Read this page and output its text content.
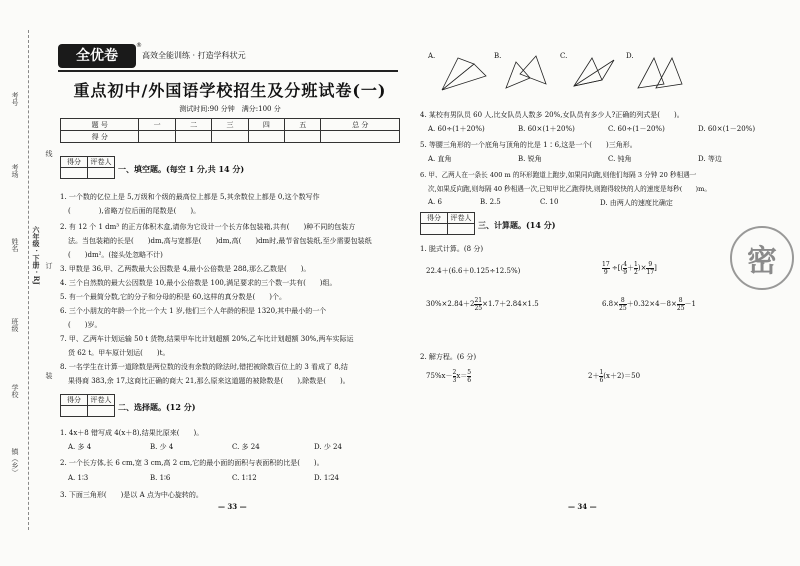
考号
考场
姓名 六年级 · 下册 · RJ
班级
学校
镇（乡）
线
订
装
全优卷
®
高效全能训练 · 打造学科状元
重点初中/外国语学校招生及分班试卷(一)
测试时间:90 分钟　满分:100 分
题 号	一	二	三	四	五	总 分
得 分						
得分	评卷人

一、填空题。(每空 1 分,共 14 分)
1. 一个数的亿位上是 5,万级和个级的最高位上都是 5,其余数位上都是 0,这个数写作
(　　　　),省略万位后面的尾数是(　　)。
2. 有 12 个 1 dm³ 的正方体积木盒,请你为它设计一个长方体包装箱,共有(　　)种不同的包装方
法。当包装箱的长是(　　)dm,高与宽都是(　　)dm,高(　　)dm时,最节省包装纸,至少需要包装纸
(　　)dm²。(接头处忽略不计)
3. 甲数是 36,甲、乙两数最大公因数是 4,最小公倍数是 288,那么乙数是(　　)。
4. 三个自然数的最大公因数是 10,最小公倍数是 100,满足要求的三个数一共有(　　)组。
5. 有一个最简分数,它的分子和分母的积是 60,这样的真分数是(　　)个。
6. 三个小朋友的年龄一个比一个大 1 岁,他们三个人年龄的积是 1320,其中最小的一个
(　　)岁。
7. 甲、乙两车计划运输 50 t 货物,结果甲车比计划超额 20%,乙车比计划超额 30%,两车实际运
货 62 t。甲车原计划运(　　)t。
8. 一名学生在计算一道除数是两位数的没有余数的除法时,错把被除数百位上的 3 看成了 8,结
果得商 383,余 17,这商比正确的商大 21,那么原来这道题的被除数是(　　),除数是(　　)。
得分	评卷人

二、选择题。(12 分)
1. 4x＋8 错写成 4(x＋8),结果比原来(　　)。
A. 多 4	B. 少 4	C. 多 24	D. 少 24
2. 一个长方体,长 6 cm,宽 3 cm,高 2 cm,它的最小面的面积与表面积的比是(　　)。
A. 1∶3	B. 1∶6	C. 1∶12	D. 1∶24
3. 下面三角形(　　)是以 A 点为中心旋转的。
— 33 —
A.	B.	C.	D.
4. 某校有男队员 60 人,比女队员人数多 20%,女队员有多少人?正确的列式是(　　)。
A. 60÷(1＋20%)	B. 60×(1＋20%)	C. 60÷(1－20%)	D. 60×(1－20%)
5. 等腰三角形的一个底角与顶角的比是 1∶6,这是一个(　　)三角形。
A. 直角	B. 锐角	C. 钝角	D. 等边
6. 甲、乙两人在一条长 400 m 的环形跑道上跑步,如果同向跑,则他们每隔 3 分钟 20 秒相遇一
次,如果反向跑,则每隔 40 秒相遇一次,已知甲比乙跑得快,则跑得较快的人的速度是每秒(　　)m。
A. 6	B. 2.5	C. 10	D. 由两人的速度比确定
得分	评卷人

三、计算题。(14 分)
1. 脱式计算。(8 分)
22.4＋(6.6＋0.125÷12.5%)	$\frac{17}{9}$ ÷[( $\frac{4}{9} + \frac{1}{2}$ )× $\frac{9}{17}$ ]
$30\%\times 2.84+2 \frac{21}{25} \times 1.7+2.84\times 1.5$	$6.8\times \frac{8}{25} +0.32\times 4-8\times \frac{8}{25} -1$
2. 解方程。(6 分)
$75\%x- \frac{2}{3} x= \frac{5}{6}$	$2+ \frac{1}{6} (x+2)=50$
密
— 34 —
